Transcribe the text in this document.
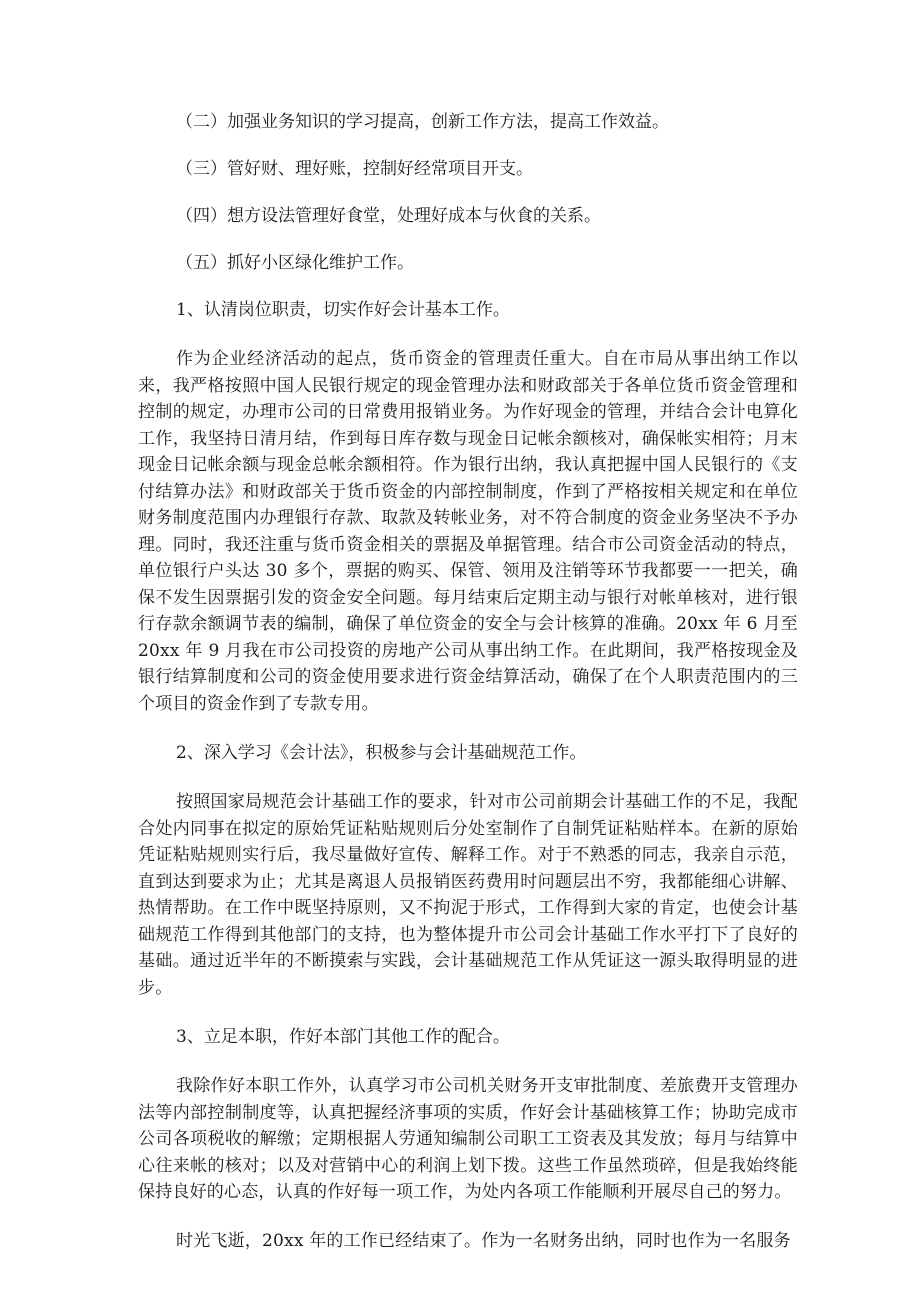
（二）加强业务知识的学习提高，创新工作方法，提高工作效益。

（三）管好财、理好账，控制好经常项目开支。

（四）想方设法管理好食堂，处理好成本与伙食的关系。

（五）抓好小区绿化维护工作。

1、认清岗位职责，切实作好会计基本工作。

作为企业经济活动的起点，货币资金的管理责任重大。自在市局从事出纳工作以来，我严格按照中国人民银行规定的现金管理办法和财政部关于各单位货币资金管理和控制的规定，办理市公司的日常费用报销业务。为作好现金的管理，并结合会计电算化工作，我坚持日清月结，作到每日库存数与现金日记帐余额核对，确保帐实相符；月末现金日记帐余额与现金总帐余额相符。作为银行出纳，我认真把握中国人民银行的《支付结算办法》和财政部关于货币资金的内部控制制度，作到了严格按相关规定和在单位财务制度范围内办理银行存款、取款及转帐业务，对不符合制度的资金业务坚决不予办理。同时，我还注重与货币资金相关的票据及单据管理。结合市公司资金活动的特点，单位银行户头达 30 多个，票据的购买、保管、领用及注销等环节我都要一一把关，确保不发生因票据引发的资金安全问题。每月结束后定期主动与银行对帐单核对，进行银行存款余额调节表的编制，确保了单位资金的安全与会计核算的准确。20xx 年 6 月至 20xx 年 9 月我在市公司投资的房地产公司从事出纳工作。在此期间，我严格按现金及银行结算制度和公司的资金使用要求进行资金结算活动，确保了在个人职责范围内的三个项目的资金作到了专款专用。

2、深入学习《会计法》，积极参与会计基础规范工作。

按照国家局规范会计基础工作的要求，针对市公司前期会计基础工作的不足，我配合处内同事在拟定的原始凭证粘贴规则后分处室制作了自制凭证粘贴样本。在新的原始凭证粘贴规则实行后，我尽量做好宣传、解释工作。对于不熟悉的同志，我亲自示范，直到达到要求为止；尤其是离退人员报销医药费用时问题层出不穷，我都能细心讲解、热情帮助。在工作中既坚持原则，又不拘泥于形式，工作得到大家的肯定，也使会计基础规范工作得到其他部门的支持，也为整体提升市公司会计基础工作水平打下了良好的基础。通过近半年的不断摸索与实践，会计基础规范工作从凭证这一源头取得明显的进步。

3、立足本职，作好本部门其他工作的配合。

我除作好本职工作外，认真学习市公司机关财务开支审批制度、差旅费开支管理办法等内部控制制度等，认真把握经济事项的实质，作好会计基础核算工作；协助完成市公司各项税收的解缴；定期根据人劳通知编制公司职工工资表及其发放；每月与结算中心往来帐的核对；以及对营销中心的利润上划下拨。这些工作虽然琐碎，但是我始终能保持良好的心态，认真的作好每一项工作，为处内各项工作能顺利开展尽自己的努力。

时光飞逝，20xx 年的工作已经结束了。作为一名财务出纳，同时也作为一名服务
